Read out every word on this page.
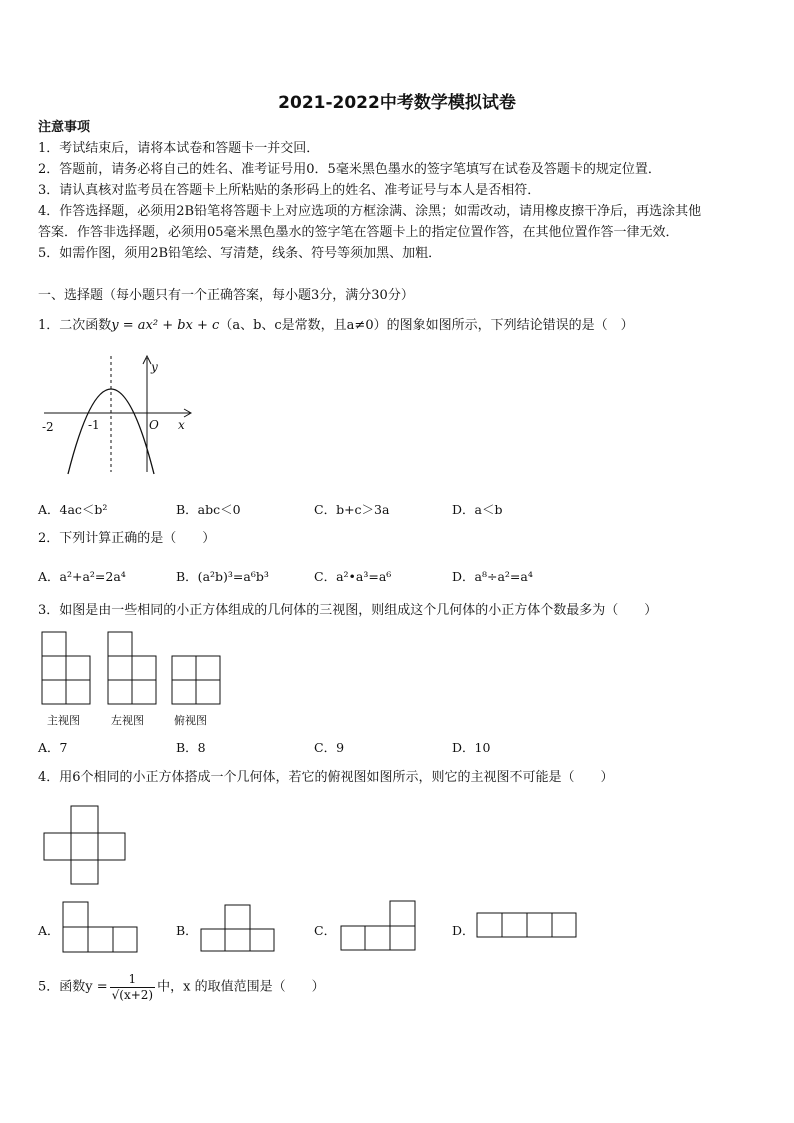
2021-2022中考数学模拟试卷
注意事项
1．考试结束后，请将本试卷和答题卡一并交回．
2．答题前，请务必将自己的姓名、准考证号用0．5毫米黑色墨水的签字笔填写在试卷及答题卡的规定位置．
3．请认真核对监考员在答题卡上所粘贴的条形码上的姓名、准考证号与本人是否相符．
4．作答选择题，必须用2B铅笔将答题卡上对应选项的方框涂满、涂黑；如需改动，请用橡皮擦干净后，再选涂其他
答案．作答非选择题，必须用05毫米黑色墨水的签字笔在答题卡上的指定位置作答，在其他位置作答一律无效．
5．如需作图，须用2B铅笔绘、写清楚，线条、符号等须加黑、加粗．
一、选择题（每小题只有一个正确答案，每小题3分，满分30分）
1．二次函数y = ax² + bx + c（a、b、c是常数，且a≠0）的图象如图所示，下列结论错误的是（　）
y
x
O
-2	-1
A．4ac＜b²	B．abc＜0	C．b+c＞3a	D．a＜b
2．下列计算正确的是（　　）
A．a²+a²=2a⁴	B．(a²b)³=a⁶b³	C．a²•a³=a⁶	D．a⁸÷a²=a⁴
3．如图是由一些相同的小正方体组成的几何体的三视图，则组成这个几何体的小正方体个数最多为（　　）
主视图	左视图	俯视图
A．7	B．8	C．9	D．10
4．用6个相同的小正方体搭成一个几何体，若它的俯视图如图所示，则它的主视图不可能是（　　）
A．	B．	C．	D．
5．函数$y = \frac{1}{√(x+2)}$ 中，x 的取值范围是（　　）
